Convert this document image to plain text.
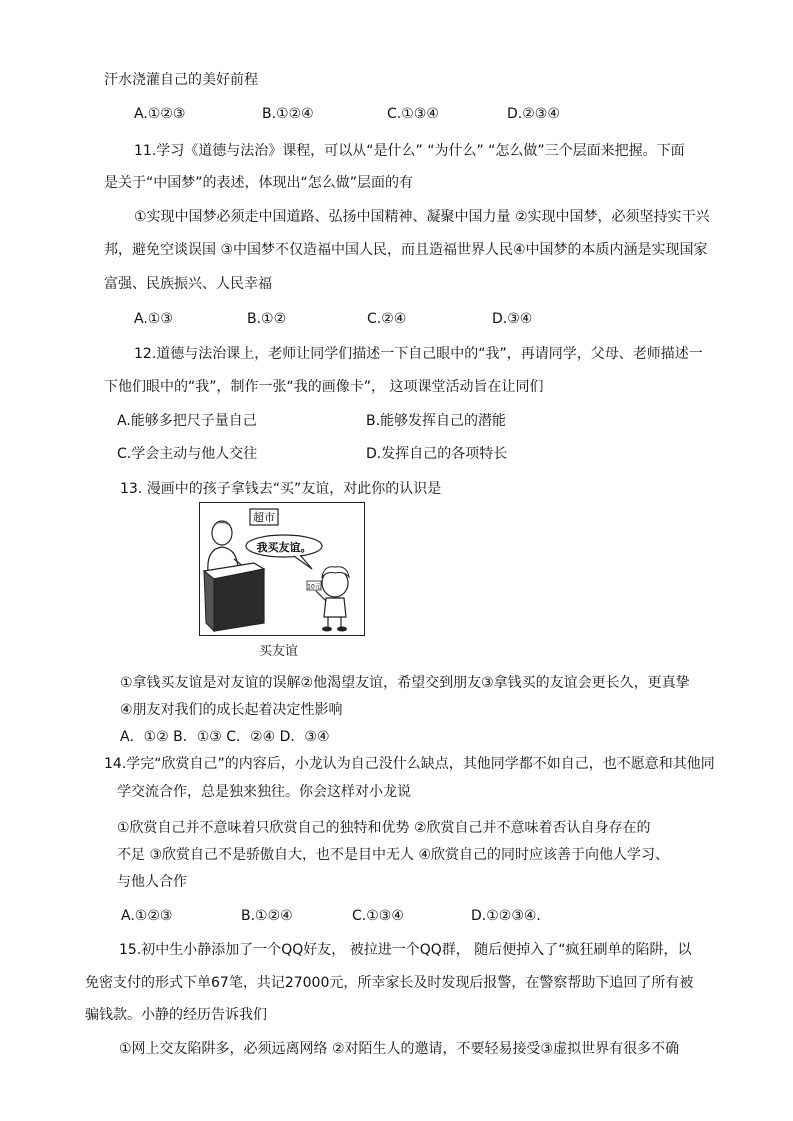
汗水浇灌自己的美好前程
A.①②③	B.①②④	C.①③④	D.②③④
11.学习《道德与法治》课程，可以从“是什么” “为什么” “怎么做”三个层面来把握。下面
是关于“中国梦”的表述，体现出“怎么做”层面的有
①实现中国梦必须走中国道路、弘扬中国精神、凝聚中国力量 ②实现中国梦，必须坚持实干兴
邦，避免空谈误国 ③中国梦不仅造福中国人民，而且造福世界人民④中国梦的本质内涵是实现国家
富强、民族振兴、人民幸福
A.①③	B.①②	C.②④	D.③④
12.道德与法治课上，老师让同学们描述一下自己眼中的“我”，再请同学，父母、老师描述一
下他们眼中的“我”，制作一张“我的画像卡”， 这项课堂活动旨在让同们
A.能够多把尺子量自己	B.能够发挥自己的潜能
C.学会主动与他人交往	D.发挥自己的各项特长
13. 漫画中的孩子拿钱去“买”友谊，对此你的认识是
超市
我买友谊。
10元
买友谊
①拿钱买友谊是对友谊的误解②他渴望友谊，希望交到朋友③拿钱买的友谊会更长久，更真挚
④朋友对我们的成长起着决定性影响
A．①② B．①③ C．②④ D．③④
14.学完“欣赏自己”的内容后，小龙认为自己没什么缺点，其他同学都不如自己，也不愿意和其他同
学交流合作，总是独来独往。你会这样对小龙说
①欣赏自己并不意味着只欣赏自己的独特和优势 ②欣赏自己并不意味着否认自身存在的
不足 ③欣赏自己不是骄傲自大，也不是目中无人 ④欣赏自己的同时应该善于向他人学习、
与他人合作
A.①②③	B.①②④	C.①③④	D.①②③④.
15.初中生小静添加了一个QQ好友， 被拉进一个QQ群， 随后便掉入了“疯狂刷单的陷阱，以
免密支付的形式下单67笔，共记27000元，所幸家长及时发现后报警，在警察帮助下追回了所有被
骗钱款。小静的经历告诉我们
①网上交友陷阱多，必须远离网络 ②对陌生人的邀请，不要轻易接受③虚拟世界有很多不确
